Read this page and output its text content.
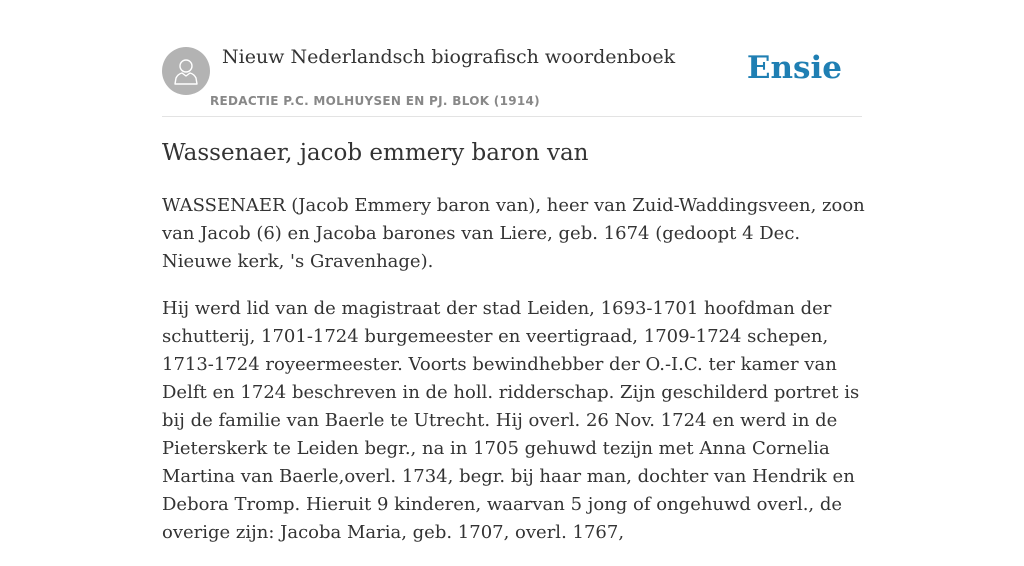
Nieuw Nederlandsch biografisch woordenboek
REDACTIE P.C. MOLHUYSEN EN PJ. BLOK (1914)
Ensie
Wassenaer, jacob emmery baron van

WASSENAER (Jacob Emmery baron van), heer van Zuid-Waddingsveen, zoon van Jacob (6) en Jacoba barones van Liere, geb. 1674 (gedoopt 4 Dec. Nieuwe kerk, 's Gravenhage).

Hij werd lid van de magistraat der stad Leiden, 1693-1701 hoofdman der schutterij, 1701-1724 burgemeester en veertigraad, 1709-1724 schepen, 1713-1724 royeermeester. Voorts bewindhebber der O.-I.C. ter kamer van Delft en 1724 beschreven in de holl. ridderschap. Zijn geschilderd portret is bij de familie van Baerle te Utrecht. Hij overl. 26 Nov. 1724 en werd in de Pieterskerk te Leiden begr., na in 1705 gehuwd tezijn met Anna Cornelia Martina van Baerle,overl. 1734, begr. bij haar man, dochter van Hendrik en Debora Tromp. Hieruit 9 kinderen, waarvan 5 jong of ongehuwd overl., de overige zijn: Jacoba Maria, geb. 1707, overl. 1767,
